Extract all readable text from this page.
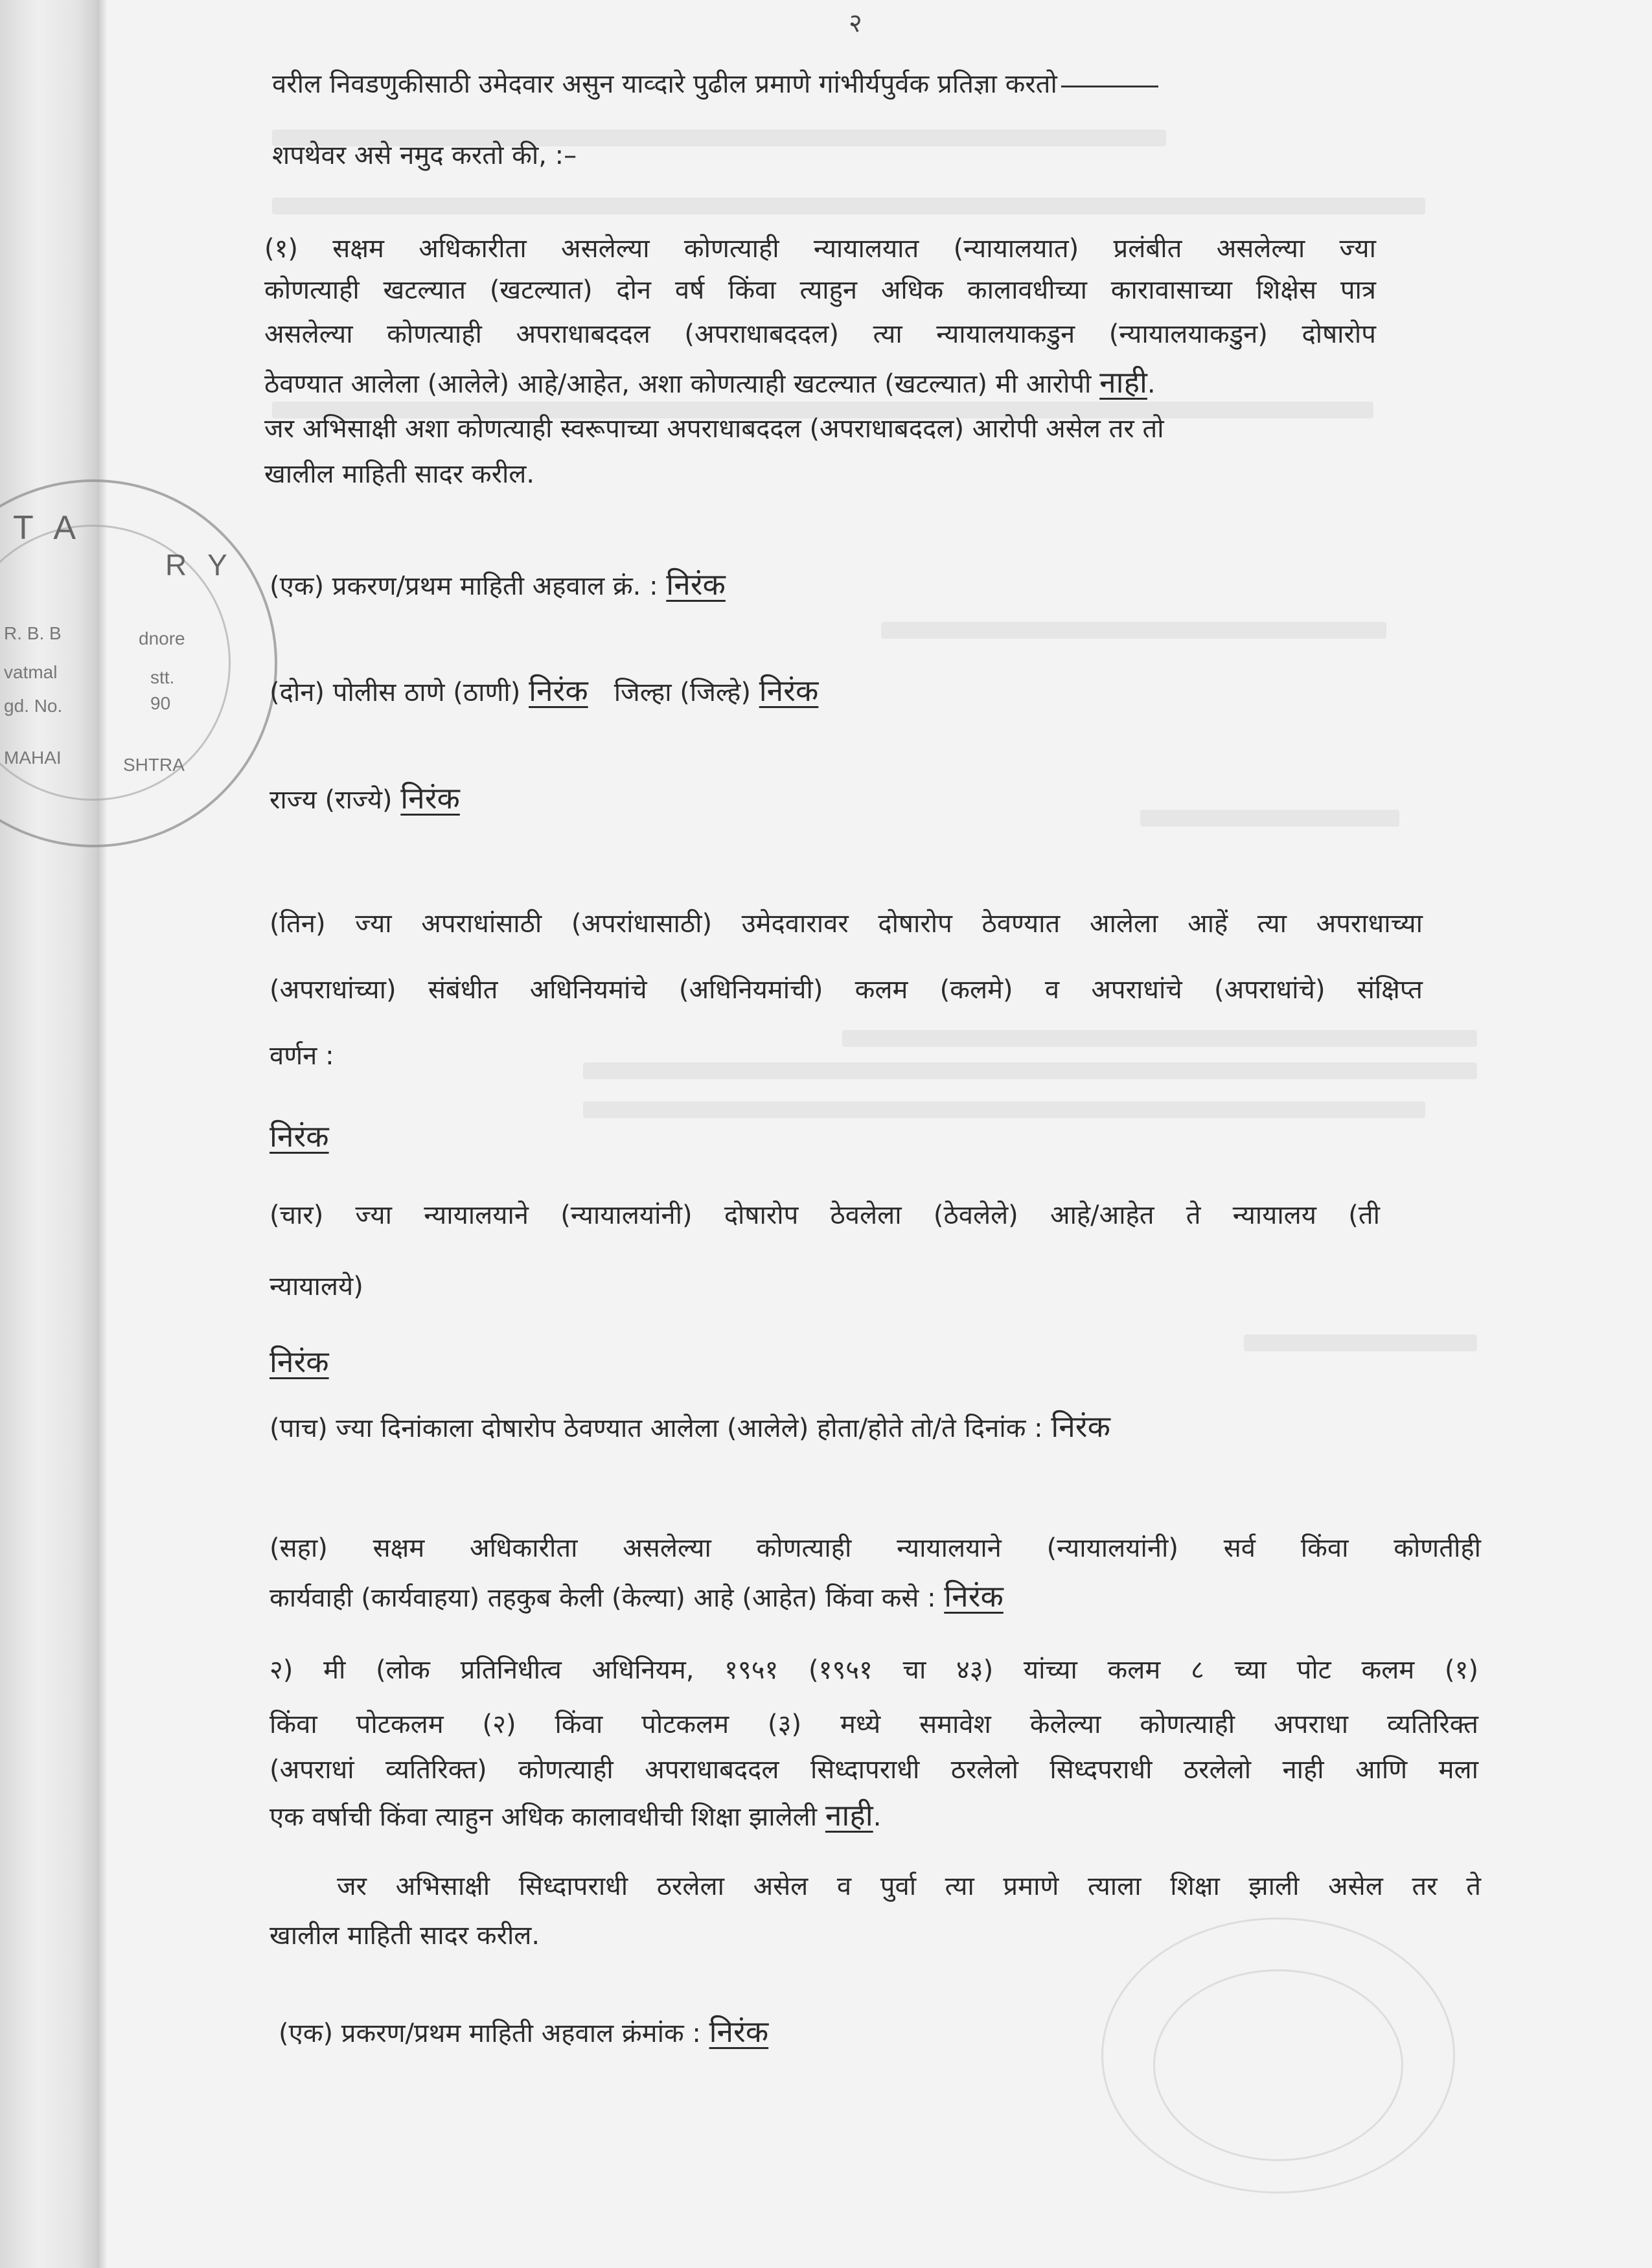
T A
R Y
R. B. B
vatmal
gd. No.
MAHAI
dnore
stt.
90
SHTRA
२
वरील निवडणुकीसाठी उमेदवार असुन याव्दारे पुढील प्रमाणे गांभीर्यपुर्वक प्रतिज्ञा करतो
शपथेवर असे नमुद करतो की, :–
(१) सक्षम अधिकारीता असलेल्या कोणत्याही न्यायालयात (न्यायालयात) प्रलंबीत असलेल्या ज्या
कोणत्याही खटल्यात (खटल्यात) दोन वर्ष किंवा त्याहुन अधिक कालावधीच्या कारावासाच्या शिक्षेस पात्र
असलेल्या कोणत्याही अपराधाबददल (अपराधाबददल) त्या न्यायालयाकडुन (न्यायालयाकडुन) दोषारोप
ठेवण्यात आलेला (आलेले) आहे/आहेत, अशा कोणत्याही खटल्यात (खटल्यात) मी आरोपी नाही.
जर अभिसाक्षी अशा कोणत्याही स्वरूपाच्या अपराधाबददल (अपराधाबददल) आरोपी असेल तर तो
खालील माहिती सादर करील.
(एक) प्रकरण/प्रथम माहिती अहवाल क्रं. : निरंक
(दोन) पोलीस ठाणे (ठाणी) निरंक जिल्हा (जिल्हे) निरंक
राज्य (राज्ये) निरंक
(तिन) ज्या अपराधांसाठी (अपरांधासाठी) उमेदवारावर दोषारोप ठेवण्यात आलेला आहें त्या अपराधाच्या
(अपराधांच्या) संबंधीत अधिनियमांचे (अधिनियमांची) कलम (कलमे) व अपराधांचे (अपराधांचे) संक्षिप्त
वर्णन :
निरंक
(चार) ज्या न्यायालयाने (न्यायालयांनी) दोषारोप ठेवलेला (ठेवलेले) आहे/आहेत ते न्यायालय (ती
न्यायालये)
निरंक
(पाच) ज्या दिनांकाला दोषारोप ठेवण्यात आलेला (आलेले) होता/होते तो/ते दिनांक : निरंक
(सहा) सक्षम अधिकारीता असलेल्या कोणत्याही न्यायालयाने (न्यायालयांनी) सर्व किंवा कोणतीही
कार्यवाही (कार्यवाहया) तहकुब केली (केल्या) आहे (आहेत) किंवा कसे : निरंक
२) मी (लोक प्रतिनिधीत्व अधिनियम, १९५१ (१९५१ चा ४३) यांच्या कलम ८ च्या पोट कलम (१)
किंवा पोटकलम (२) किंवा पोटकलम (३) मध्ये समावेश केलेल्या कोणत्याही अपराधा व्यतिरिक्त
(अपराधां व्यतिरिक्त) कोणत्याही अपराधाबददल सिध्दापराधी ठरलेलो सिध्दपराधी ठरलेलो नाही आणि मला
एक वर्षाची किंवा त्याहुन अधिक कालावधीची शिक्षा झालेली नाही.
जर अभिसाक्षी सिध्दापराधी ठरलेला असेल व पुर्वा त्या प्रमाणे त्याला शिक्षा झाली असेल तर ते
खालील माहिती सादर करील.
(एक) प्रकरण/प्रथम माहिती अहवाल क्रंमांक : निरंक
